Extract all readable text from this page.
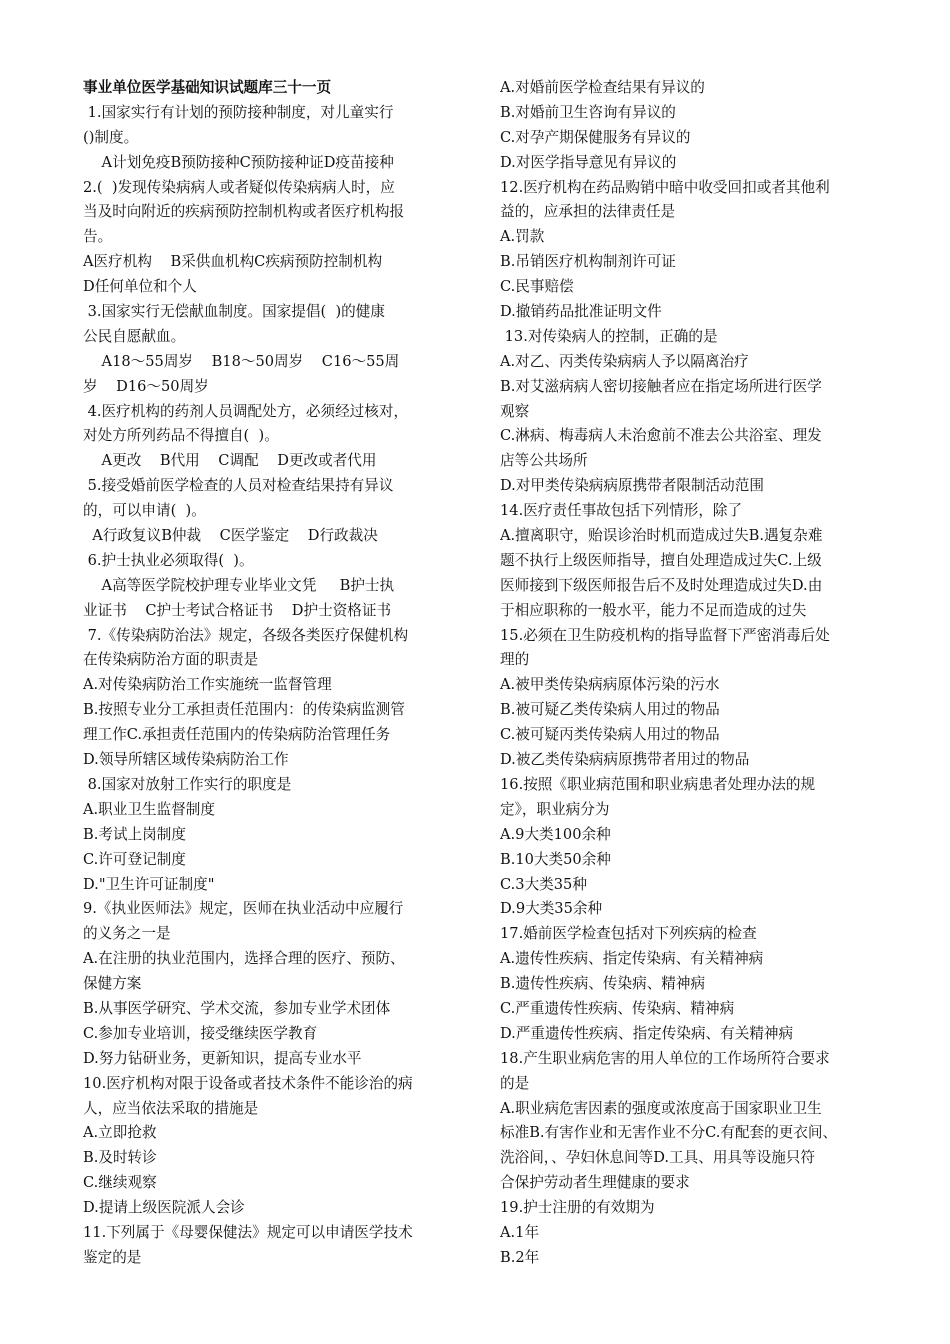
事业单位医学基础知识试题库三十一页
1.国家实行有计划的预防接种制度，对儿童实行
()制度。
A计划免疫B预防接种C预防接种证D疫苗接种
2.(  )发现传染病病人或者疑似传染病病人时，应
当及时向附近的疾病预防控制机构或者医疗机构报
告。
A医疗机构    B采供血机构C疾病预防控制机构
D任何单位和个人
3.国家实行无偿献血制度。国家提倡(  )的健康
公民自愿献血。
A18～55周岁    B18～50周岁    C16～55周
岁    D16～50周岁
4.医疗机构的药剂人员调配处方，必须经过核对，
对处方所列药品不得擅自(  )。
A更改    B代用    C调配    D更改或者代用
5.接受婚前医学检查的人员对检查结果持有异议
的，可以申请(  )。
A行政复议B仲裁    C医学鉴定    D行政裁决
6.护士执业必须取得(  )。
A高等医学院校护理专业毕业文凭     B护士执
业证书    C护士考试合格证书    D护士资格证书
7.《传染病防治法》规定，各级各类医疗保健机构
在传染病防治方面的职责是
A.对传染病防治工作实施统一监督管理
B.按照专业分工承担责任范围内：的传染病监测管
理工作C.承担责任范围内的传染病防治管理任务
D.领导所辖区域传染病防治工作
8.国家对放射工作实行的职度是
A.职业卫生监督制度
B.考试上岗制度
C.许可登记制度
D."卫生许可证制度"
9.《执业医师法》规定，医师在执业活动中应履行
的义务之一是
A.在注册的执业范围内，选择合理的医疗、预防、
保健方案
B.从事医学研究、学术交流，参加专业学术团体
C.参加专业培训，接受继续医学教育
D.努力钻研业务，更新知识，提高专业水平
10.医疗机构对限于设备或者技术条件不能诊治的病
人，应当依法采取的措施是
A.立即抢救
B.及时转诊
C.继续观察
D.提请上级医院派人会诊
11.下列属于《母婴保健法》规定可以申请医学技术
鉴定的是
A.对婚前医学检查结果有异议的
B.对婚前卫生咨询有异议的
C.对孕产期保健服务有异议的
D.对医学指导意见有异议的
12.医疗机构在药品购销中暗中收受回扣或者其他利
益的，应承担的法律责任是
A.罚款
B.吊销医疗机构制剂许可证
C.民事赔偿
D.撤销药品批准证明文件
13.对传染病人的控制，正确的是
A.对乙、丙类传染病病人予以隔离治疗
B.对艾滋病病人密切接触者应在指定场所进行医学
观察
C.淋病、梅毒病人未治愈前不准去公共浴室、理发
店等公共场所
D.对甲类传染病病原携带者限制活动范围
14.医疗责任事故包括下列情形，除了
A.擅离职守，贻误诊治时机而造成过失B.遇复杂难
题不执行上级医师指导，擅自处理造成过失C.上级
医师接到下级医师报告后不及时处理造成过失D.由
于相应职称的一般水平，能力不足而造成的过失
15.必须在卫生防疫机构的指导监督下严密消毒后处
理的
A.被甲类传染病病原体污染的污水
B.被可疑乙类传染病人用过的物品
C.被可疑丙类传染病人用过的物品
D.被乙类传染病病原携带者用过的物品
16.按照《职业病范围和职业病患者处理办法的规
定》，职业病分为
A.9大类100余种
B.10大类50余种
C.3大类35种
D.9大类35余种
17.婚前医学检查包括对下列疾病的检查
A.遗传性疾病、指定传染病、有关精神病
B.遗传性疾病、传染病、精神病
C.严重遗传性疾病、传染病、精神病
D.严重遗传性疾病、指定传染病、有关精神病
18.产生职业病危害的用人单位的工作场所符合要求
的是
A.职业病危害因素的强度或浓度高于国家职业卫生
标准B.有害作业和无害作业不分C.有配套的更衣间、
洗浴间，、孕妇休息间等D.工具、用具等设施只符
合保护劳动者生理健康的要求
19.护士注册的有效期为
A.1年
B.2年
